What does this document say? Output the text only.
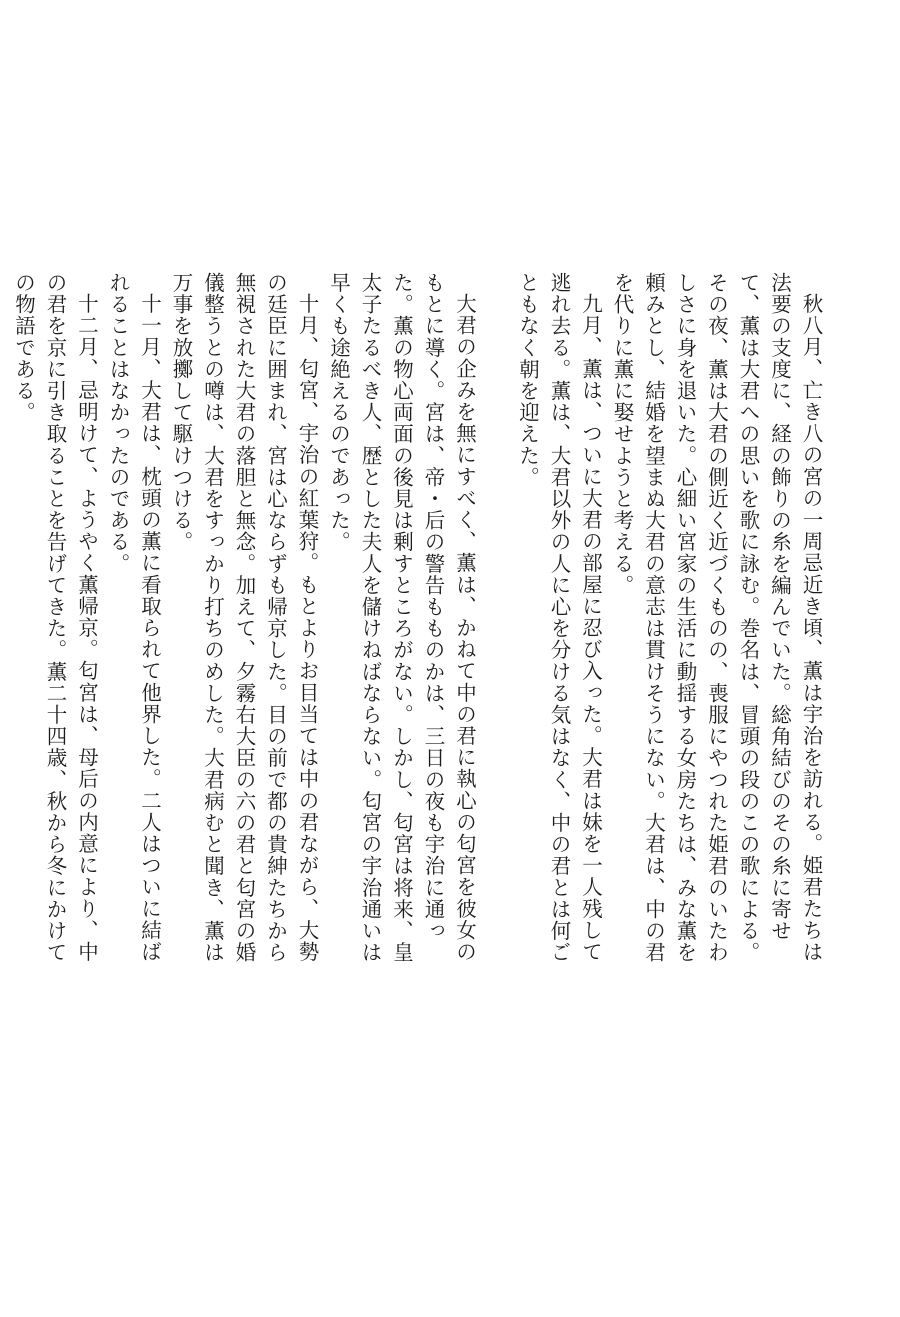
秋八月、亡き八の宮の一周忌近き頃、薫は宇治を訪れる。姫君たちは法要の支度に、経の飾りの糸を編んでいた。総角結びのその糸に寄せて、薫は大君への思いを歌に詠む。巻名は、冒頭の段のこの歌による。その夜、薫は大君の側近く近づくものの、喪服にやつれた姫君のいたわしさに身を退いた。心細い宮家の生活に動揺する女房たちは、みな薫を頼みとし、結婚を望まぬ大君の意志は貫けそうにない。大君は、中の君を代りに薫に娶せようと考える。

九月、薫は、ついに大君の部屋に忍び入った。大君は妹を一人残して逃れ去る。薫は、大君以外の人に心を分ける気はなく、中の君とは何ごともなく朝を迎えた。

大君の企みを無にすべく、薫は、かねて中の君に執心の匂宮を彼女のもとに導く。宮は、帝・后の警告もものかは、三日の夜も宇治に通った。薫の物心両面の後見は剰すところがない。しかし、匂宮は将来、皇太子たるべき人、歴とした夫人を儲けねばならない。匂宮の宇治通いは早くも途絶えるのであった。

十月、匂宮、宇治の紅葉狩。もとよりお目当ては中の君ながら、大勢の廷臣に囲まれ、宮は心ならずも帰京した。目の前で都の貴紳たちから無視された大君の落胆と無念。加えて、夕霧右大臣の六の君と匂宮の婚儀整うとの噂は、大君をすっかり打ちのめした。大君病むと聞き、薫は万事を放擲して駆けつける。

十一月、大君は、枕頭の薫に看取られて他界した。二人はついに結ばれることはなかったのである。

十二月、忌明けて、ようやく薫帰京。匂宮は、母后の内意により、中の君を京に引き取ることを告げてきた。薫二十四歳、秋から冬にかけての物語である。
